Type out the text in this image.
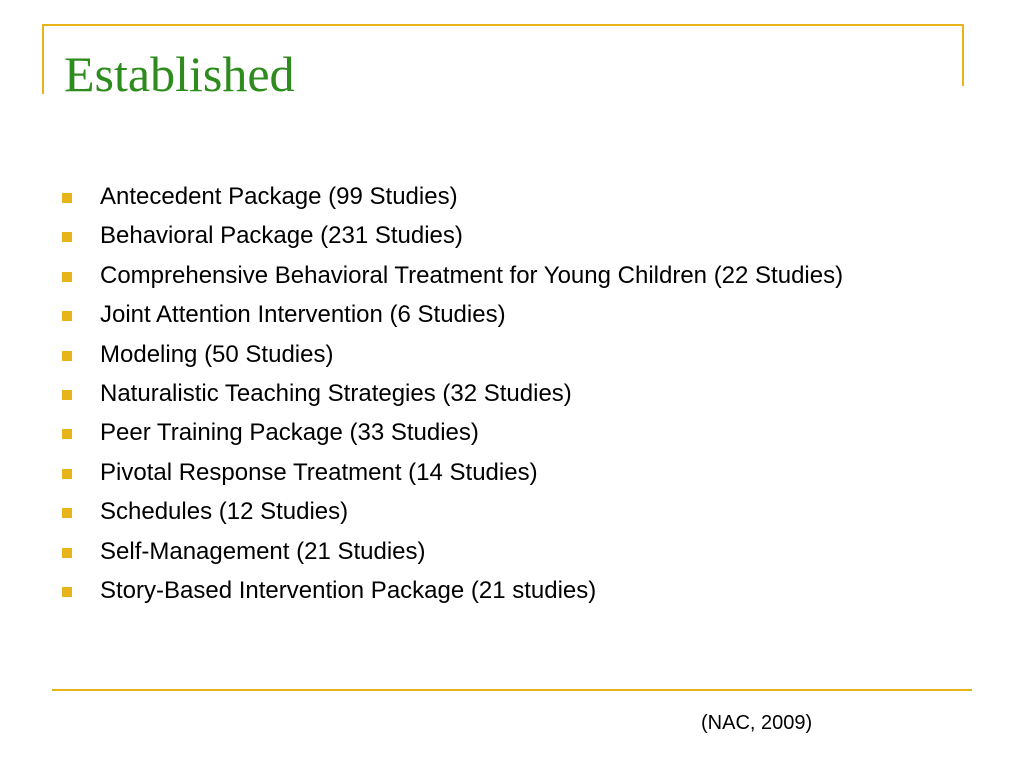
Established
Antecedent Package (99 Studies)
Behavioral Package (231 Studies)
Comprehensive Behavioral Treatment for Young Children (22 Studies)
Joint Attention Intervention (6 Studies)
Modeling (50 Studies)
Naturalistic Teaching Strategies (32 Studies)
Peer Training Package (33 Studies)
Pivotal Response Treatment (14 Studies)
Schedules (12 Studies)
Self-Management (21 Studies)
Story-Based Intervention Package (21 studies)
(NAC, 2009)
